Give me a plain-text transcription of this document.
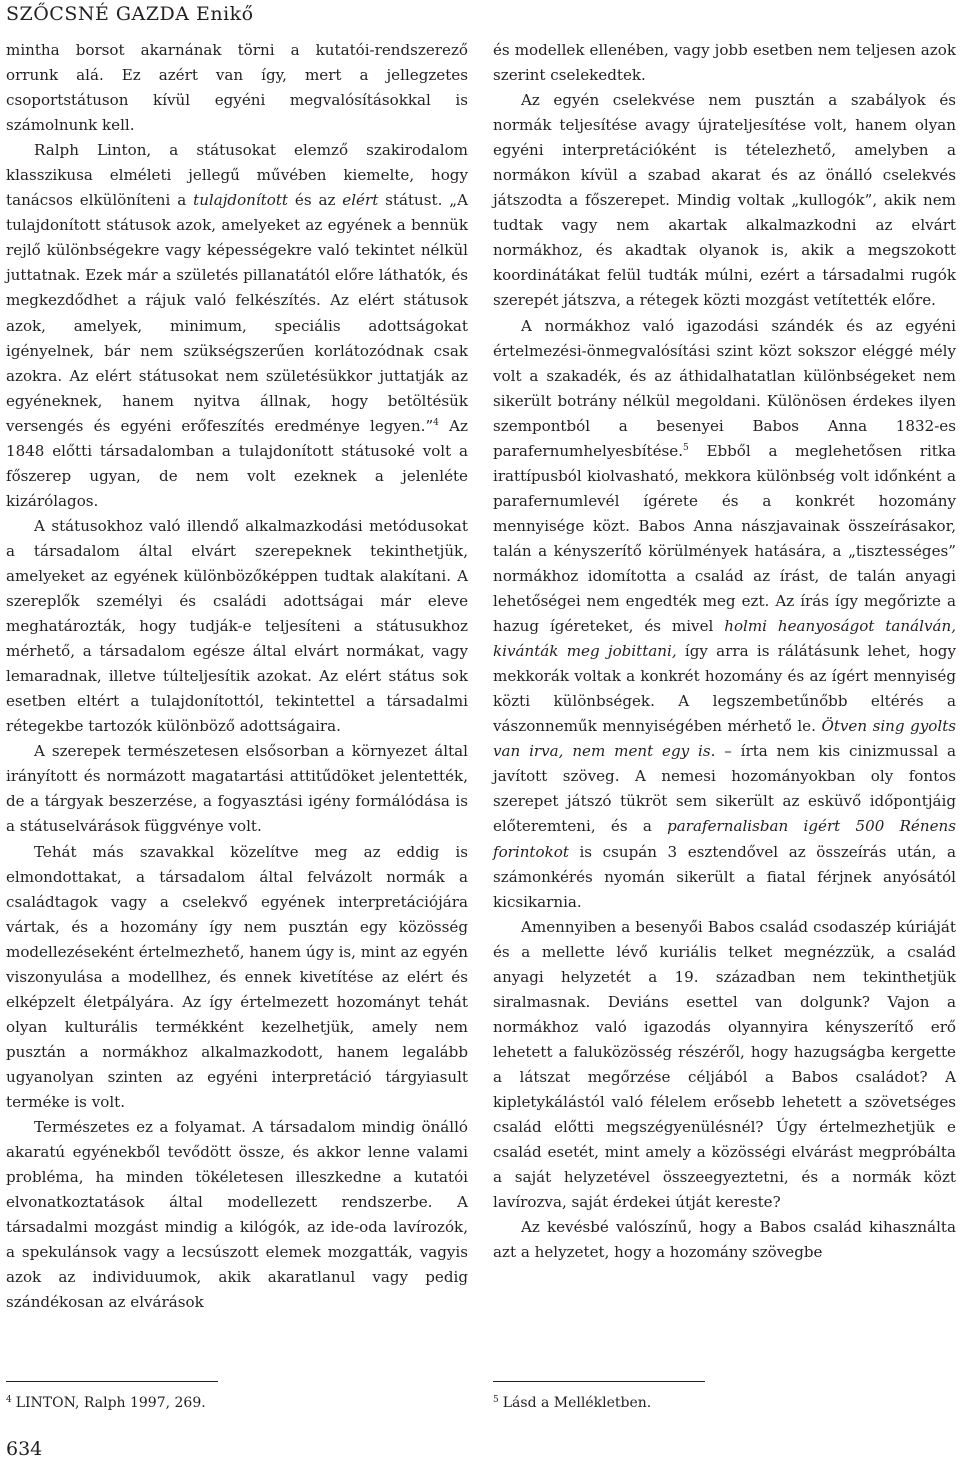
SZŐCSNÉ GAZDA Enikő

mintha borsot akarnának törni a kutatói-rendszerező orrunk alá. Ez azért van így, mert a jellegzetes csoportstátuson kívül egyéni megvalósításokkal is számolnunk kell.

Ralph Linton, a státusokat elemző szakirodalom klasszikusa elméleti jellegű művében kiemelte, hogy tanácsos elkülöníteni a tulajdonított és az elért státust. „A tulajdonított státusok azok, amelyeket az egyének a bennük rejlő különbségekre vagy képességekre való tekintet nélkül juttatnak. Ezek már a születés pillanatától előre láthatók, és megkezdődhet a rájuk való felkészítés. Az elért státusok azok, amelyek, minimum, speciális adottságokat igényelnek, bár nem szükségszerűen korlátozódnak csak azokra. Az elért státusokat nem születésükkor juttatják az egyéneknek, hanem nyitva állnak, hogy betöltésük versengés és egyéni erőfeszítés eredménye legyen.”$^4$ Az 1848 előtti társadalomban a tulajdonított státusoké volt a főszerep ugyan, de nem volt ezeknek a jelenléte kizárólagos.

A státusokhoz való illendő alkalmazkodási metódusokat a társadalom által elvárt szerepeknek tekinthetjük, amelyeket az egyének különbözőképpen tudtak alakítani. A szereplők személyi és családi adottságai már eleve meghatározták, hogy tudják-e teljesíteni a státusukhoz mérhető, a társadalom egésze által elvárt normákat, vagy lemaradnak, illetve túlteljesítik azokat. Az elért státus sok esetben eltért a tulajdonítottól, tekintettel a társadalmi rétegekbe tartozók különböző adottságaira.

A szerepek természetesen elsősorban a környezet által irányított és normázott magatartási attitűdöket jelentették, de a tárgyak beszerzése, a fogyasztási igény formálódása is a státuselvárások függvénye volt.

Tehát más szavakkal közelítve meg az eddig is elmondottakat, a társadalom által felvázolt normák a családtagok vagy a cselekvő egyének interpretációjára vártak, és a hozomány így nem pusztán egy közösség modellezéseként értelmezhető, hanem úgy is, mint az egyén viszonyulása a modellhez, és ennek kivetítése az elért és elképzelt életpályára. Az így értelmezett hozományt tehát olyan kulturális termékként kezelhetjük, amely nem pusztán a normákhoz alkalmazkodott, hanem legalább ugyanolyan szinten az egyéni interpretáció tárgyiasult terméke is volt.

Természetes ez a folyamat. A társadalom mindig önálló akaratú egyénekből tevődött össze, és akkor lenne valami probléma, ha minden tökéletesen illeszkedne a kutatói elvonatkoztatások által modellezett rendszerbe. A társadalmi mozgást mindig a kilógók, az ide-oda lavírozók, a spekulánsok vagy a lecsúszott elemek mozgatták, vagyis azok az individuumok, akik akaratlanul vagy pedig szándékosan az elvárások

és modellek ellenében, vagy jobb esetben nem teljesen azok szerint cselekedtek.

Az egyén cselekvése nem pusztán a szabályok és normák teljesítése avagy újrateljesítése volt, hanem olyan egyéni interpretációként is tételezhető, amelyben a normákon kívül a szabad akarat és az önálló cselekvés játszodta a főszerepet. Mindig voltak „kullogók”, akik nem tudtak vagy nem akartak alkalmazkodni az elvárt normákhoz, és akadtak olyanok is, akik a megszokott koordinátákat felül tudták múlni, ezért a társadalmi rugók szerepét játszva, a rétegek közti mozgást vetítették előre.

A normákhoz való igazodási szándék és az egyéni értelmezési-önmegvalósítási szint közt sokszor eléggé mély volt a szakadék, és az áthidalhatatlan különbségeket nem sikerült botrány nélkül megoldani. Különösen érdekes ilyen szempontból a besenyei Babos Anna 1832-es parafernumhelyesbítése.$^5$ Ebből a meglehetősen ritka irattípusból kiolvasható, mekkora különbség volt időnként a parafernumlevél ígérete és a konkrét hozomány mennyisége közt. Babos Anna nászjavainak összeírásakor, talán a kényszerítő körülmények hatására, a „tisztességes” normákhoz idomította a család az írást, de talán anyagi lehetőségei nem engedték meg ezt. Az írás így megőrizte a hazug ígéreteket, és mivel holmi heanyoságot tanálván, kivánták meg jobittani, így arra is rálátásunk lehet, hogy mekkorák voltak a konkrét hozomány és az ígért mennyiség közti különbségek. A legszembetűnőbb eltérés a vászonneműk mennyiségében mérhető le. Ötven sing gyolts van irva, nem ment egy is. – írta nem kis cinizmussal a javított szöveg. A nemesi hozományokban oly fontos szerepet játszó tükröt sem sikerült az esküvő időpontjáig előteremteni, és a parafernalisban igért 500 Rénens forintokot is csupán 3 esztendővel az összeírás után, a számonkérés nyomán sikerült a fiatal férjnek anyósától kicsikarnia.

Amennyiben a besenyői Babos család csodaszép kúriáját és a mellette lévő kuriális telket megnézzük, a család anyagi helyzetét a 19. században nem tekinthetjük siralmasnak. Deviáns esettel van dolgunk? Vajon a normákhoz való igazodás olyannyira kényszerítő erő lehetett a faluközösség részéről, hogy hazugságba kergette a látszat megőrzése céljából a Babos családot? A kipletykálástól való félelem erősebb lehetett a szövetséges család előtti megszégyenülésnél? Úgy értelmezhetjük e család esetét, mint amely a közösségi elvárást megpróbálta a saját helyzetével összeegyeztetni, és a normák közt lavírozva, saját érdekei útját kereste?

Az kevésbé valószínű, hogy a Babos család kihasználta azt a helyzetet, hogy a hozomány szövegbe

$^4$ LINTON, Ralph 1997, 269.	$^5$ Lásd a Mellékletben.
634
